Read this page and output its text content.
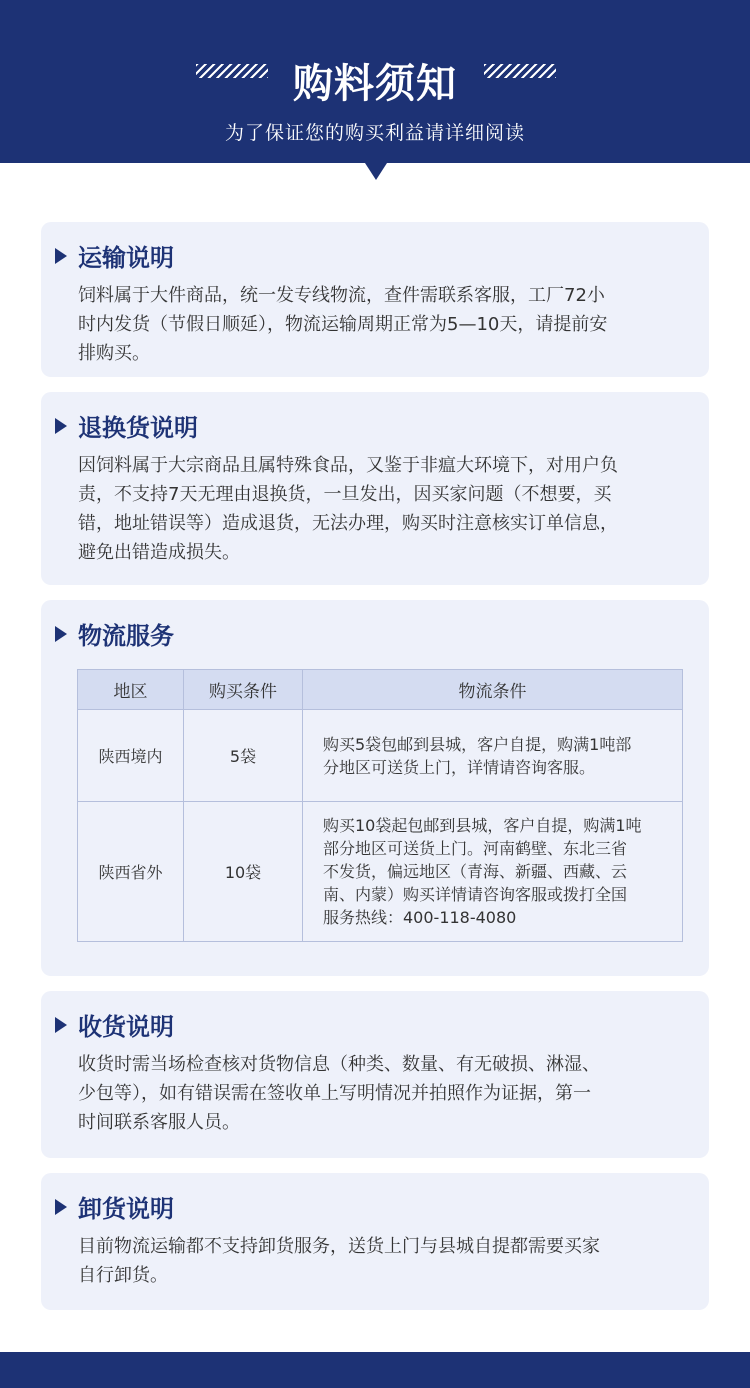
购料须知
为了保证您的购买利益请详细阅读
运输说明
饲料属于大件商品，统一发专线物流，查件需联系客服，工厂72小
时内发货（节假日顺延），物流运输周期正常为5—10天，请提前安
排购买。
退换货说明
因饲料属于大宗商品且属特殊食品，又鉴于非瘟大环境下，对用户负
责，不支持7天无理由退换货，一旦发出，因买家问题（不想要，买
错，地址错误等）造成退货，无法办理，购买时注意核实订单信息，
避免出错造成损失。
物流服务
地区	购买条件	物流条件
陕西境内	5袋	购买5袋包邮到县城，客户自提，购满1吨部
分地区可送货上门，详情请咨询客服。

陕西省外	10袋	购买10袋起包邮到县城，客户自提，购满1吨
部分地区可送货上门。河南鹤壁、东北三省
不发货，偏远地区（青海、新疆、西藏、云
南、内蒙）购买详情请咨询客服或拨打全国
服务热线：400-118-4080
收货说明
收货时需当场检查核对货物信息（种类、数量、有无破损、淋湿、
少包等），如有错误需在签收单上写明情况并拍照作为证据，第一
时间联系客服人员。
卸货说明
目前物流运输都不支持卸货服务，送货上门与县城自提都需要买家
自行卸货。
